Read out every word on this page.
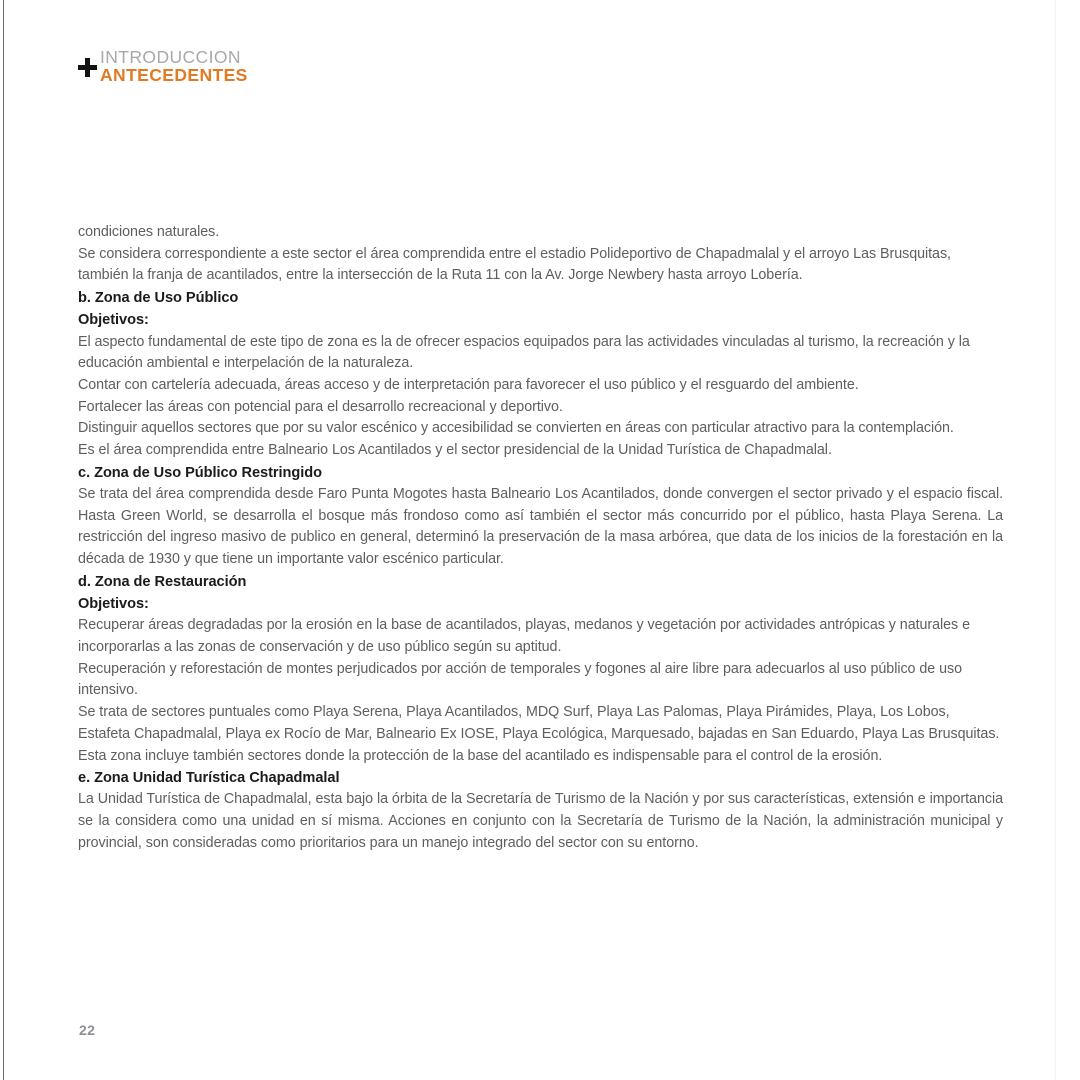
INTRODUCCION
ANTECEDENTES

condiciones naturales.

Se considera correspondiente a este sector el área comprendida entre el estadio Polideportivo de Chapadmalal y el arroyo Las Brusquitas, también la franja de acantilados, entre la intersección de la Ruta 11 con la Av. Jorge Newbery hasta arroyo Lobería.

b. Zona de Uso Público

Objetivos:

El aspecto fundamental de este tipo de zona es la de ofrecer espacios equipados para las actividades vinculadas al turismo, la recreación y la educación ambiental e interpelación de la naturaleza.

Contar con cartelería adecuada, áreas acceso y de interpretación para favorecer el uso público y el resguardo del ambiente.

Fortalecer las áreas con potencial para el desarrollo recreacional y deportivo.

Distinguir aquellos sectores que por su valor escénico y accesibilidad se convierten en áreas con particular atractivo para la contemplación.

Es el área comprendida entre Balneario Los Acantilados y el sector presidencial de la Unidad Turística de Chapadmalal.

c. Zona de Uso Público Restringido

Se trata del área comprendida desde Faro Punta Mogotes hasta Balneario Los Acantilados, donde convergen el sector privado y el espacio fiscal. Hasta Green World, se desarrolla el bosque más frondoso como así también el sector más concurrido por el público, hasta Playa Serena. La restricción del ingreso masivo de publico en general, determinó la preservación de la masa arbórea, que data de los inicios de la forestación en la década de 1930 y que tiene un importante valor escénico particular.

d. Zona de Restauración

Objetivos:

Recuperar áreas degradadas por la erosión en la base de acantilados, playas, medanos y vegetación por actividades antrópicas y naturales e incorporarlas a las zonas de conservación y de uso público según su aptitud.

Recuperación y reforestación de montes perjudicados por acción de temporales y fogones al aire libre para adecuarlos al uso público de uso intensivo.

Se trata de sectores puntuales como Playa Serena, Playa Acantilados, MDQ Surf, Playa Las Palomas, Playa Pirámides, Playa, Los Lobos, Estafeta Chapadmalal, Playa ex Rocío de Mar, Balneario Ex IOSE, Playa Ecológica, Marquesado, bajadas en San Eduardo, Playa Las Brusquitas.

Esta zona incluye también sectores donde la protección de la base del acantilado es indispensable para el control de la erosión.

e. Zona Unidad Turística Chapadmalal

La Unidad Turística de Chapadmalal, esta bajo la órbita de la Secretaría de Turismo de la Nación y por sus características, extensión e importancia se la considera como una unidad en sí misma. Acciones en conjunto con la Secretaría de Turismo de la Nación, la administración municipal y provincial, son consideradas como prioritarios para un manejo integrado del sector con su entorno.

22
